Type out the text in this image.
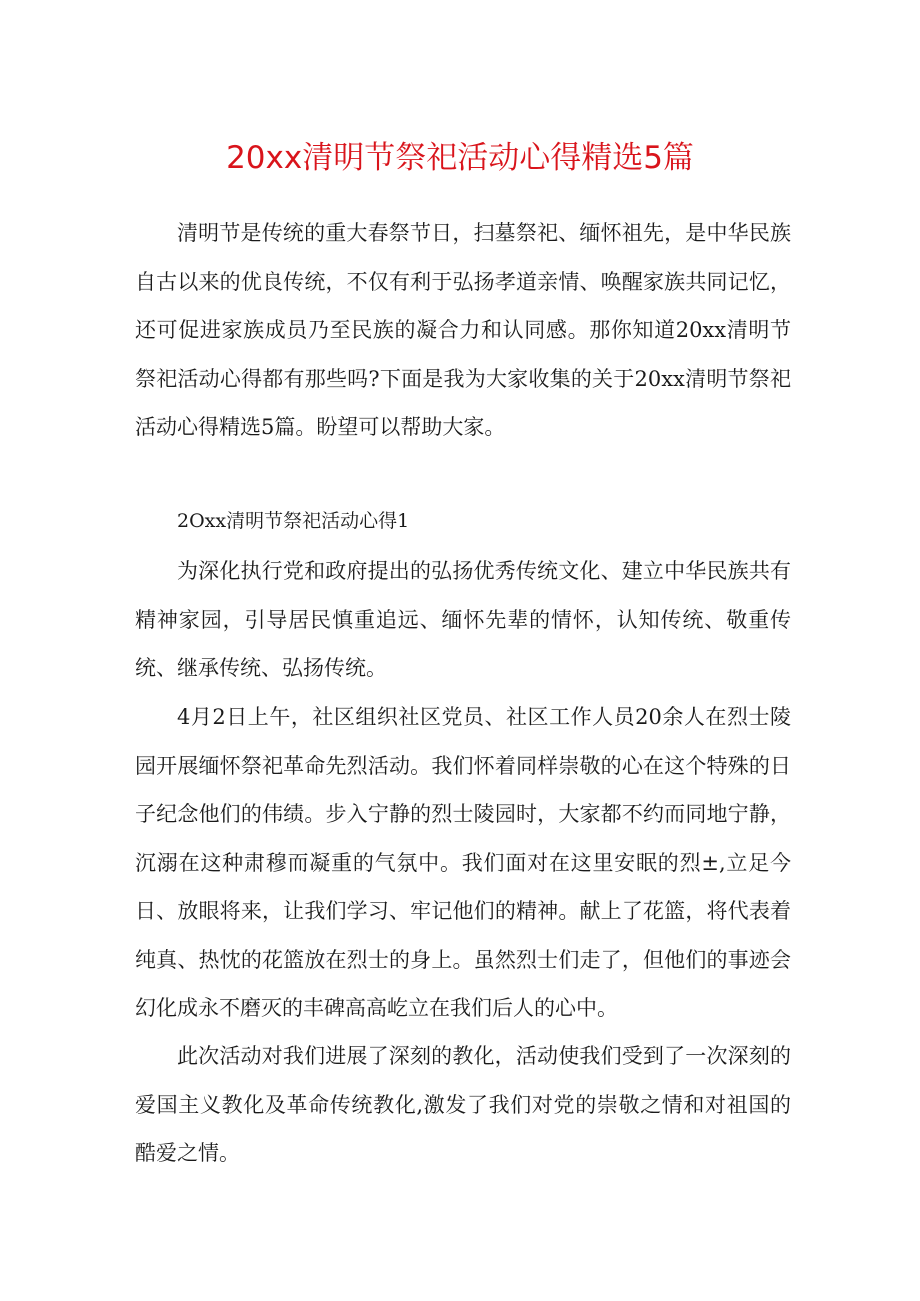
20xx清明节祭祀活动心得精选5篇

清明节是传统的重大春祭节日，扫墓祭祀、缅怀祖先，是中华民族自古以来的优良传统，不仅有利于弘扬孝道亲情、唤醒家族共同记忆，还可促进家族成员乃至民族的凝合力和认同感。那你知道20xx清明节祭祀活动心得都有那些吗?下面是我为大家收集的关于20xx清明节祭祀活动心得精选5篇。盼望可以帮助大家。

2Oxx清明节祭祀活动心得1

为深化执行党和政府提出的弘扬优秀传统文化、建立中华民族共有精神家园，引导居民慎重追远、缅怀先辈的情怀，认知传统、敬重传统、继承传统、弘扬传统。

4月2日上午，社区组织社区党员、社区工作人员20余人在烈士陵园开展缅怀祭祀革命先烈活动。我们怀着同样崇敬的心在这个特殊的日子纪念他们的伟绩。步入宁静的烈士陵园时，大家都不约而同地宁静，沉溺在这种肃穆而凝重的气氛中。我们面对在这里安眠的烈±,立足今日、放眼将来，让我们学习、牢记他们的精神。献上了花篮，将代表着纯真、热忱的花篮放在烈士的身上。虽然烈士们走了，但他们的事迹会幻化成永不磨灭的丰碑高高屹立在我们后人的心中。

此次活动对我们进展了深刻的教化，活动使我们受到了一次深刻的爱国主义教化及革命传统教化,激发了我们对党的崇敬之情和对祖国的酷爱之情。
